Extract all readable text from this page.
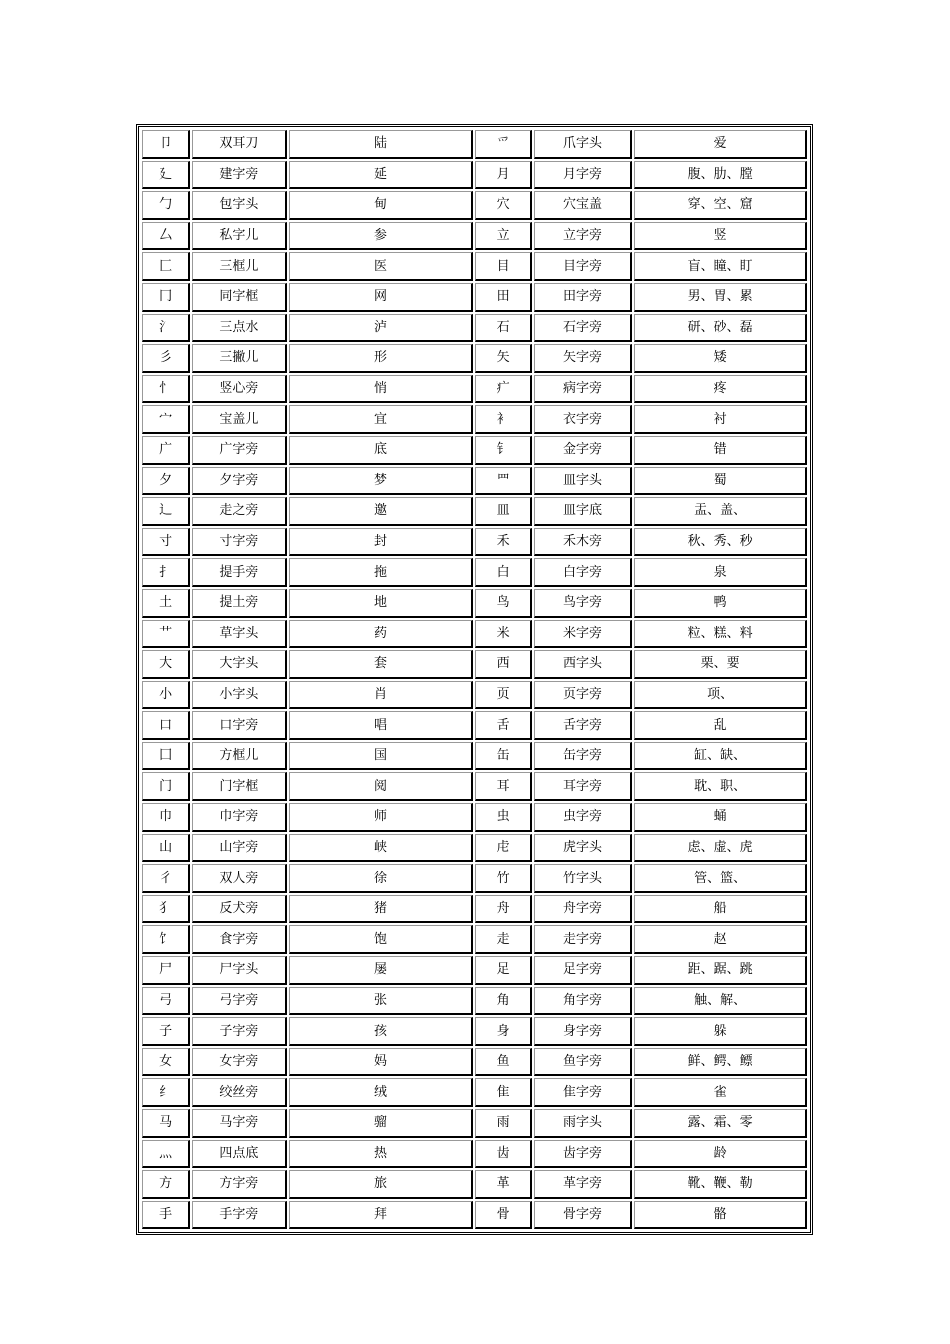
卩	双耳刀	陆	爫	爪字头	爱
廴	建字旁	延	月	月字旁	腹、肋、膛
勹	包字头	甸	穴	穴宝盖	穿、空、窟
厶	私字儿	参	立	立字旁	竖
匚	三框儿	医	目	目字旁	盲、瞳、盯
冂	同字框	网	田	田字旁	男、胃、累
氵	三点水	泸	石	石字旁	研、砂、磊
彡	三撇儿	形	矢	矢字旁	矮
忄	竖心旁	悄	疒	病字旁	疼
宀	宝盖儿	宜	衤	衣字旁	衬
广	广字旁	底	钅	金字旁	错
夕	夕字旁	梦	罒	皿字头	蜀
辶	走之旁	邀	皿	皿字底	盂、盖、
寸	寸字旁	封	禾	禾木旁	秋、秀、秒
扌	提手旁	拖	白	白字旁	泉
土	提土旁	地	鸟	鸟字旁	鸭
艹	草字头	药	米	米字旁	粒、糕、料
大	大字头	套	西	西字头	栗、要
小	小字头	肖	页	页字旁	项、
口	口字旁	唱	舌	舌字旁	乱
囗	方框儿	国	缶	缶字旁	缸、缺、
门	门字框	阅	耳	耳字旁	耽、职、
巾	巾字旁	师	虫	虫字旁	蛹
山	山字旁	峡	虍	虎字头	虑、虚、虎
彳	双人旁	徐	竹	竹字头	管、篮、
犭	反犬旁	猪	舟	舟字旁	船
饣	食字旁	饱	走	走字旁	赵
尸	尸字头	屡	足	足字旁	距、踞、跳
弓	弓字旁	张	角	角字旁	触、解、
子	子字旁	孩	身	身字旁	躲
女	女字旁	妈	鱼	鱼字旁	鲜、鳄、鳔
纟	绞丝旁	绒	隹	隹字旁	雀
马	马字旁	骝	雨	雨字头	露、霜、零
灬	四点底	热	齿	齿字旁	龄
方	方字旁	旅	革	革字旁	靴、鞭、勒
手	手字旁	拜	骨	骨字旁	骼
